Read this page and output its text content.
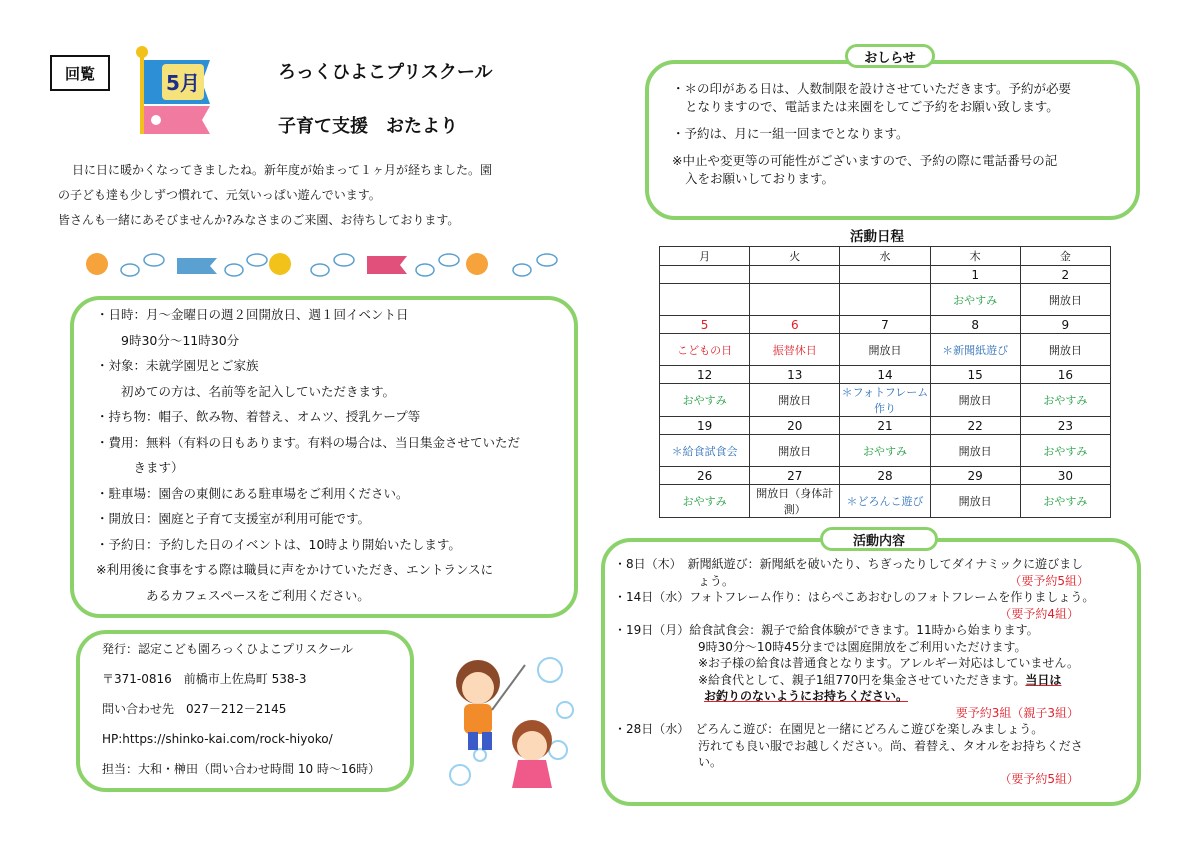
回覧	5月	ろっくひよこプリスクール
子育て支援　おたより

日に日に暖かくなってきましたね。新年度が始まって１ヶ月が経ちました。園

の子ども達も少しずつ慣れて、元気いっぱい遊んでいます。

皆さんも一緒にあそびませんか?みなさまのご来園、お待ちしております。

・日時：月～金曜日の週２回開放日、週１回イベント日
　　9時30分～11時30分
・対象：未就学園児とご家族
　　初めての方は、名前等を記入していただきます。
・持ち物：帽子、飲み物、着替え、オムツ、授乳ケープ等
・費用：無料（有料の日もあります。有料の場合は、当日集金させていただ
　　　きます）
・駐車場：園舎の東側にある駐車場をご利用ください。
・開放日：園庭と子育て支援室が利用可能です。
・予約日：予約した日のイベントは、10時より開始いたします。
※利用後に食事をする際は職員に声をかけていただき、エントランスに
　　　　あるカフェスペースをご利用ください。
発行：認定こども園ろっくひよこプリスクール
〒371-0816　前橋市上佐鳥町 538-3
問い合わせ先　027－212－2145
HP:https://shinko-kai.com/rock-hiyoko/
担当：大和・榊田（問い合わせ時間 10 時～16時）
おしらせ
・＊の印がある日は、人数制限を設けさせていただきます。予約が必要
となりますので、電話または来園をしてご予約をお願い致します。
・予約は、月に一組一回までとなります。
※中止や変更等の可能性がございますので、予約の際に電話番号の記
入をお願いしております。
活動日程
月	火	水	木	金
			1	2
			おやすみ	開放日
5	6	7	8	9
こどもの日	振替休日	開放日	＊新聞紙遊び	開放日
12	13	14	15	16
おやすみ	開放日	＊フォトフレーム作り	開放日	おやすみ
19	20	21	22	23
＊給食試食会	開放日	おやすみ	開放日	おやすみ
26	27	28	29	30
おやすみ	開放日（身体計測）	＊どろんこ遊び	開放日	おやすみ
活動内容
・8日（木）　新聞紙遊び：新聞紙を破いたり、ちぎったりしてダイナミックに遊びまし
　　　　　　　ょう。	（要予約5組）
・14日（水）フォトフレーム作り：はらぺこあおむしのフォトフレームを作りましょう。
（要予約4組）
・19日（月）給食試食会：親子で給食体験ができます。11時から始まります。
　　　　　　　9時30分～10時45分までは園庭開放をご利用いただけます。
　　　　　　　※お子様の給食は普通食となります。アレルギー対応はしていません。
　　　　　　　※給食代として、親子1組770円を集金させていただきます。当日は
お釣りのないようにお持ちください。
要予約3組（親子3組）
・28日（水）　どろんこ遊び：在園児と一緒にどろんこ遊びを楽しみましょう。
　　　　　　　汚れても良い服でお越しください。尚、着替え、タオルをお持ちくださ
　　　　　　　い。
（要予約5組）
